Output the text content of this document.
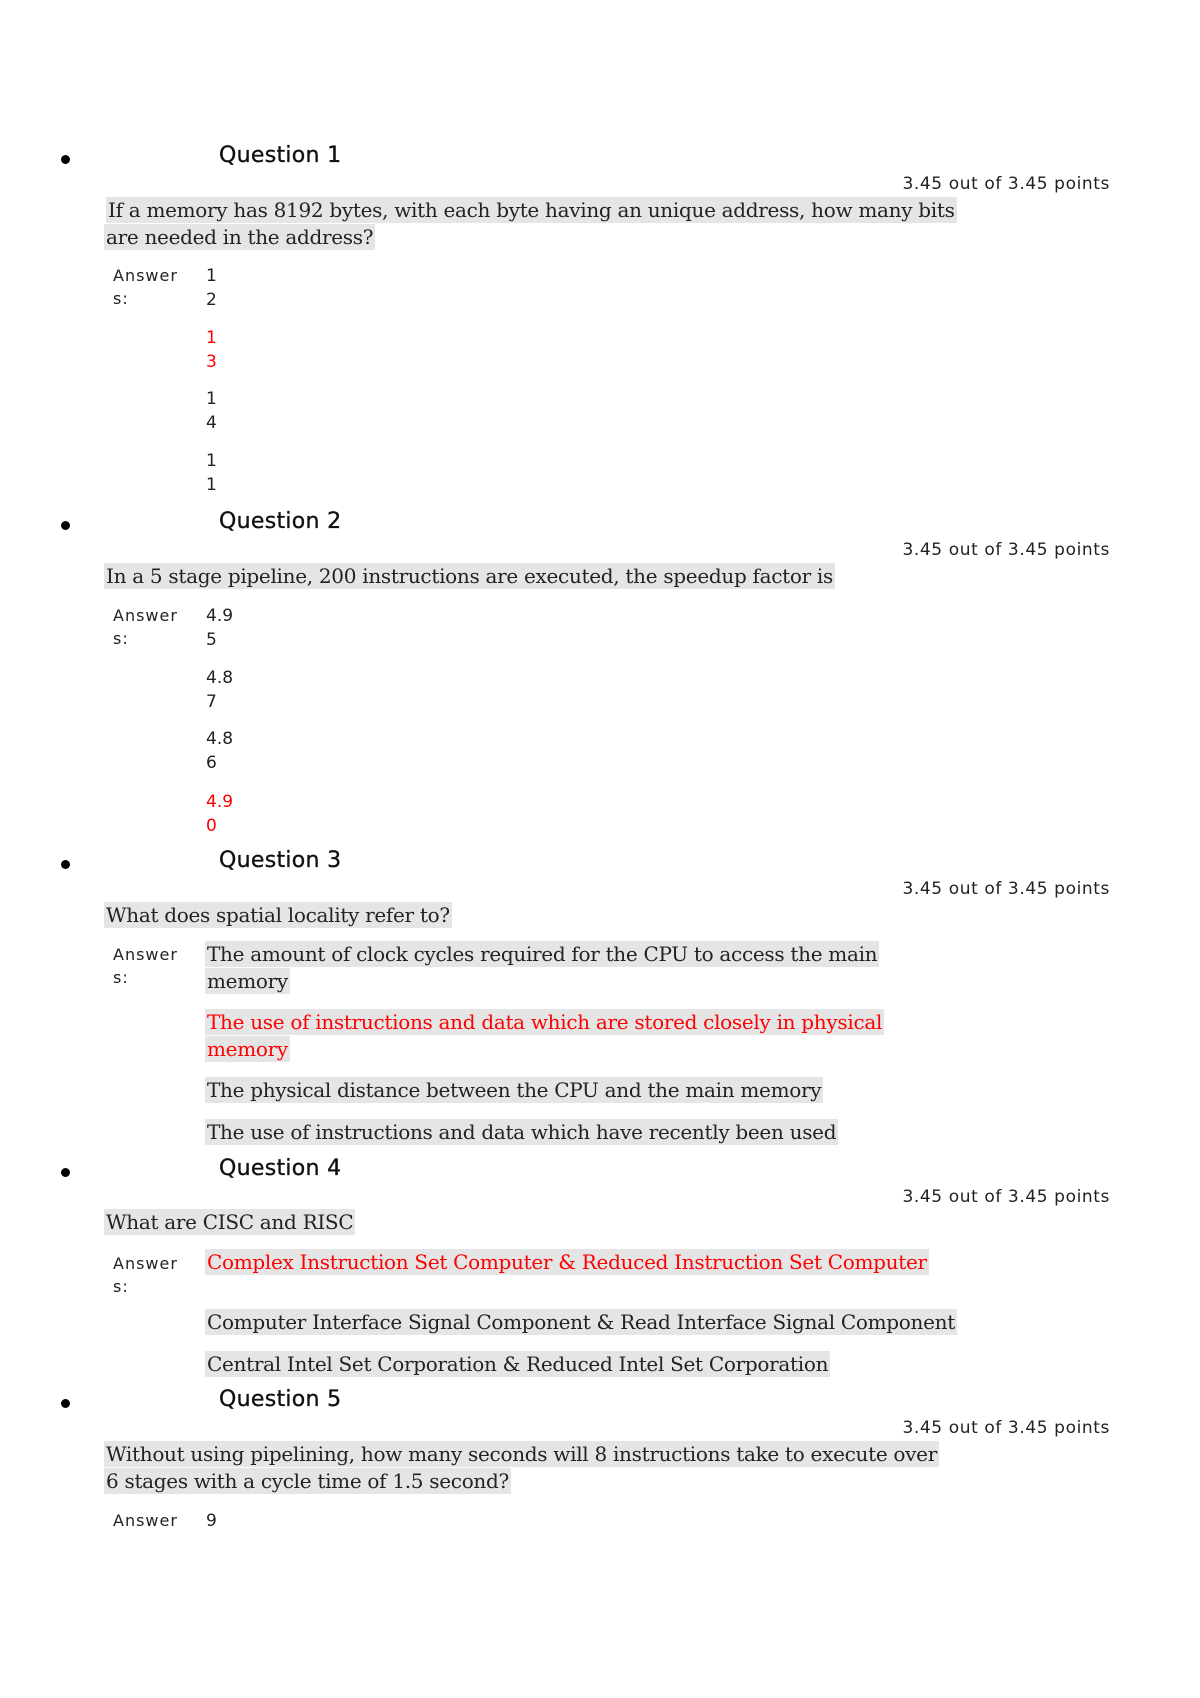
Question 1
3.45 out of 3.45 points
If a memory has 8192 bytes, with each byte having an unique address, how many bits
are needed in the address?
Answers:
1
2
1
3
1
4
1
1
Question 2
3.45 out of 3.45 points
In a 5 stage pipeline, 200 instructions are executed, the speedup factor is
Answers:
4.9
5
4.8
7
4.8
6
4.9
0
Question 3
3.45 out of 3.45 points
What does spatial locality refer to?
Answers:
The amount of clock cycles required for the CPU to access the main
memory
The use of instructions and data which are stored closely in physical
memory
The physical distance between the CPU and the main memory
The use of instructions and data which have recently been used
Question 4
3.45 out of 3.45 points
What are CISC and RISC
Answers:
Complex Instruction Set Computer & Reduced Instruction Set Computer
Computer Interface Signal Component & Read Interface Signal Component
Central Intel Set Corporation & Reduced Intel Set Corporation
Question 5
3.45 out of 3.45 points
Without using pipelining, how many seconds will 8 instructions take to execute over
6 stages with a cycle time of 1.5 second?
Answer	9
